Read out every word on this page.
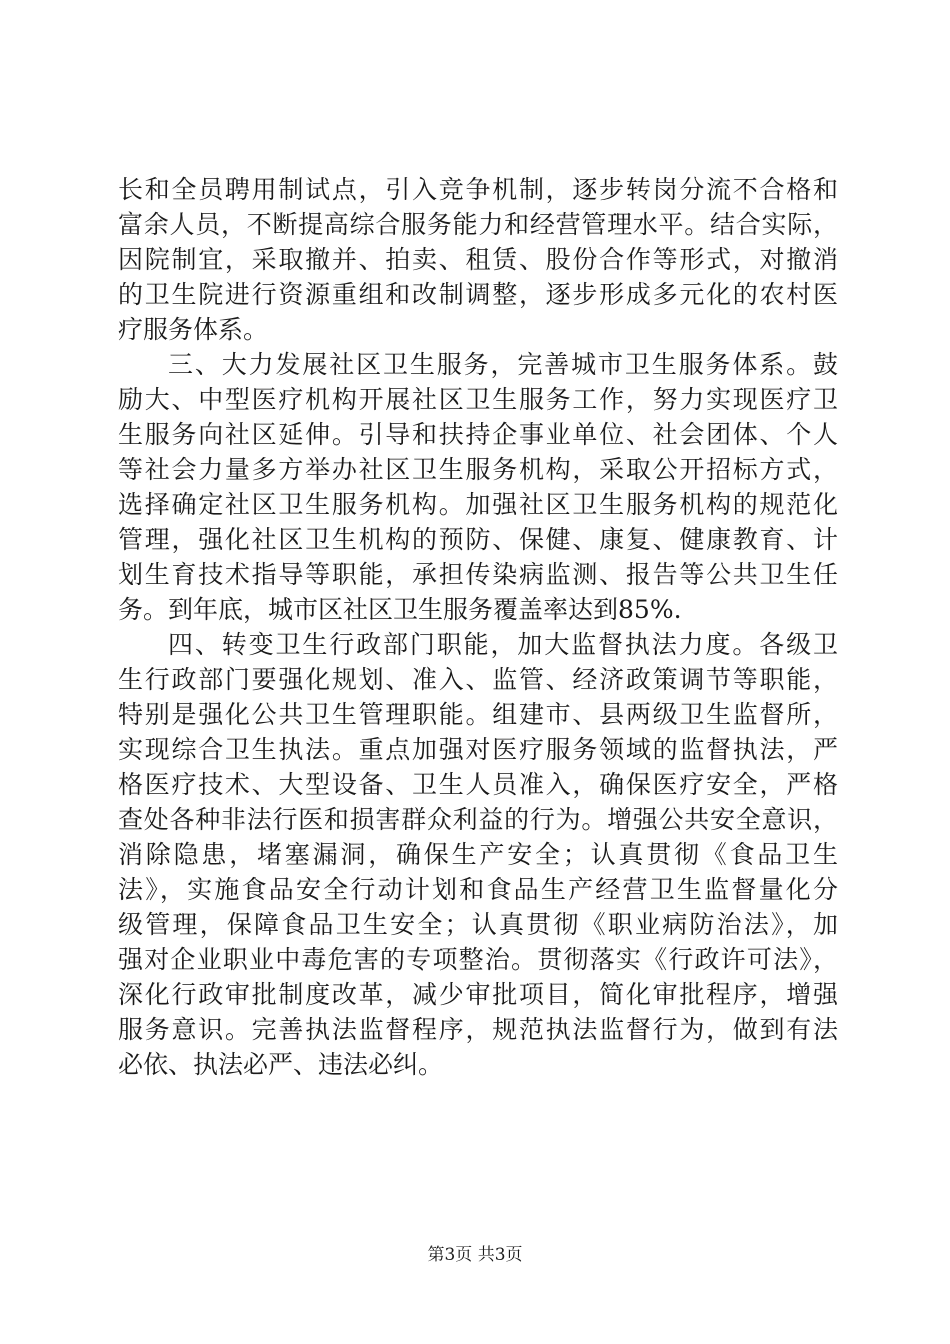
长和全员聘用制试点，引入竞争机制，逐步转岗分流不合格和
富余人员，不断提高综合服务能力和经营管理水平。结合实际，
因院制宜，采取撤并、拍卖、租赁、股份合作等形式，对撤消
的卫生院进行资源重组和改制调整，逐步形成多元化的农村医
疗服务体系。
三、大力发展社区卫生服务，完善城市卫生服务体系。鼓
励大、中型医疗机构开展社区卫生服务工作，努力实现医疗卫
生服务向社区延伸。引导和扶持企事业单位、社会团体、个人
等社会力量多方举办社区卫生服务机构，采取公开招标方式，
选择确定社区卫生服务机构。加强社区卫生服务机构的规范化
管理，强化社区卫生机构的预防、保健、康复、健康教育、计
划生育技术指导等职能，承担传染病监测、报告等公共卫生任
务。到年底，城市区社区卫生服务覆盖率达到85%.
四、转变卫生行政部门职能，加大监督执法力度。各级卫
生行政部门要强化规划、准入、监管、经济政策调节等职能，
特别是强化公共卫生管理职能。组建市、县两级卫生监督所，
实现综合卫生执法。重点加强对医疗服务领域的监督执法，严
格医疗技术、大型设备、卫生人员准入，确保医疗安全，严格
查处各种非法行医和损害群众利益的行为。增强公共安全意识，
消除隐患，堵塞漏洞，确保生产安全；认真贯彻《食品卫生
法》，实施食品安全行动计划和食品生产经营卫生监督量化分
级管理，保障食品卫生安全；认真贯彻《职业病防治法》，加
强对企业职业中毒危害的专项整治。贯彻落实《行政许可法》，
深化行政审批制度改革，减少审批项目，简化审批程序，增强
服务意识。完善执法监督程序，规范执法监督行为，做到有法
必依、执法必严、违法必纠。
第3页 共3页
